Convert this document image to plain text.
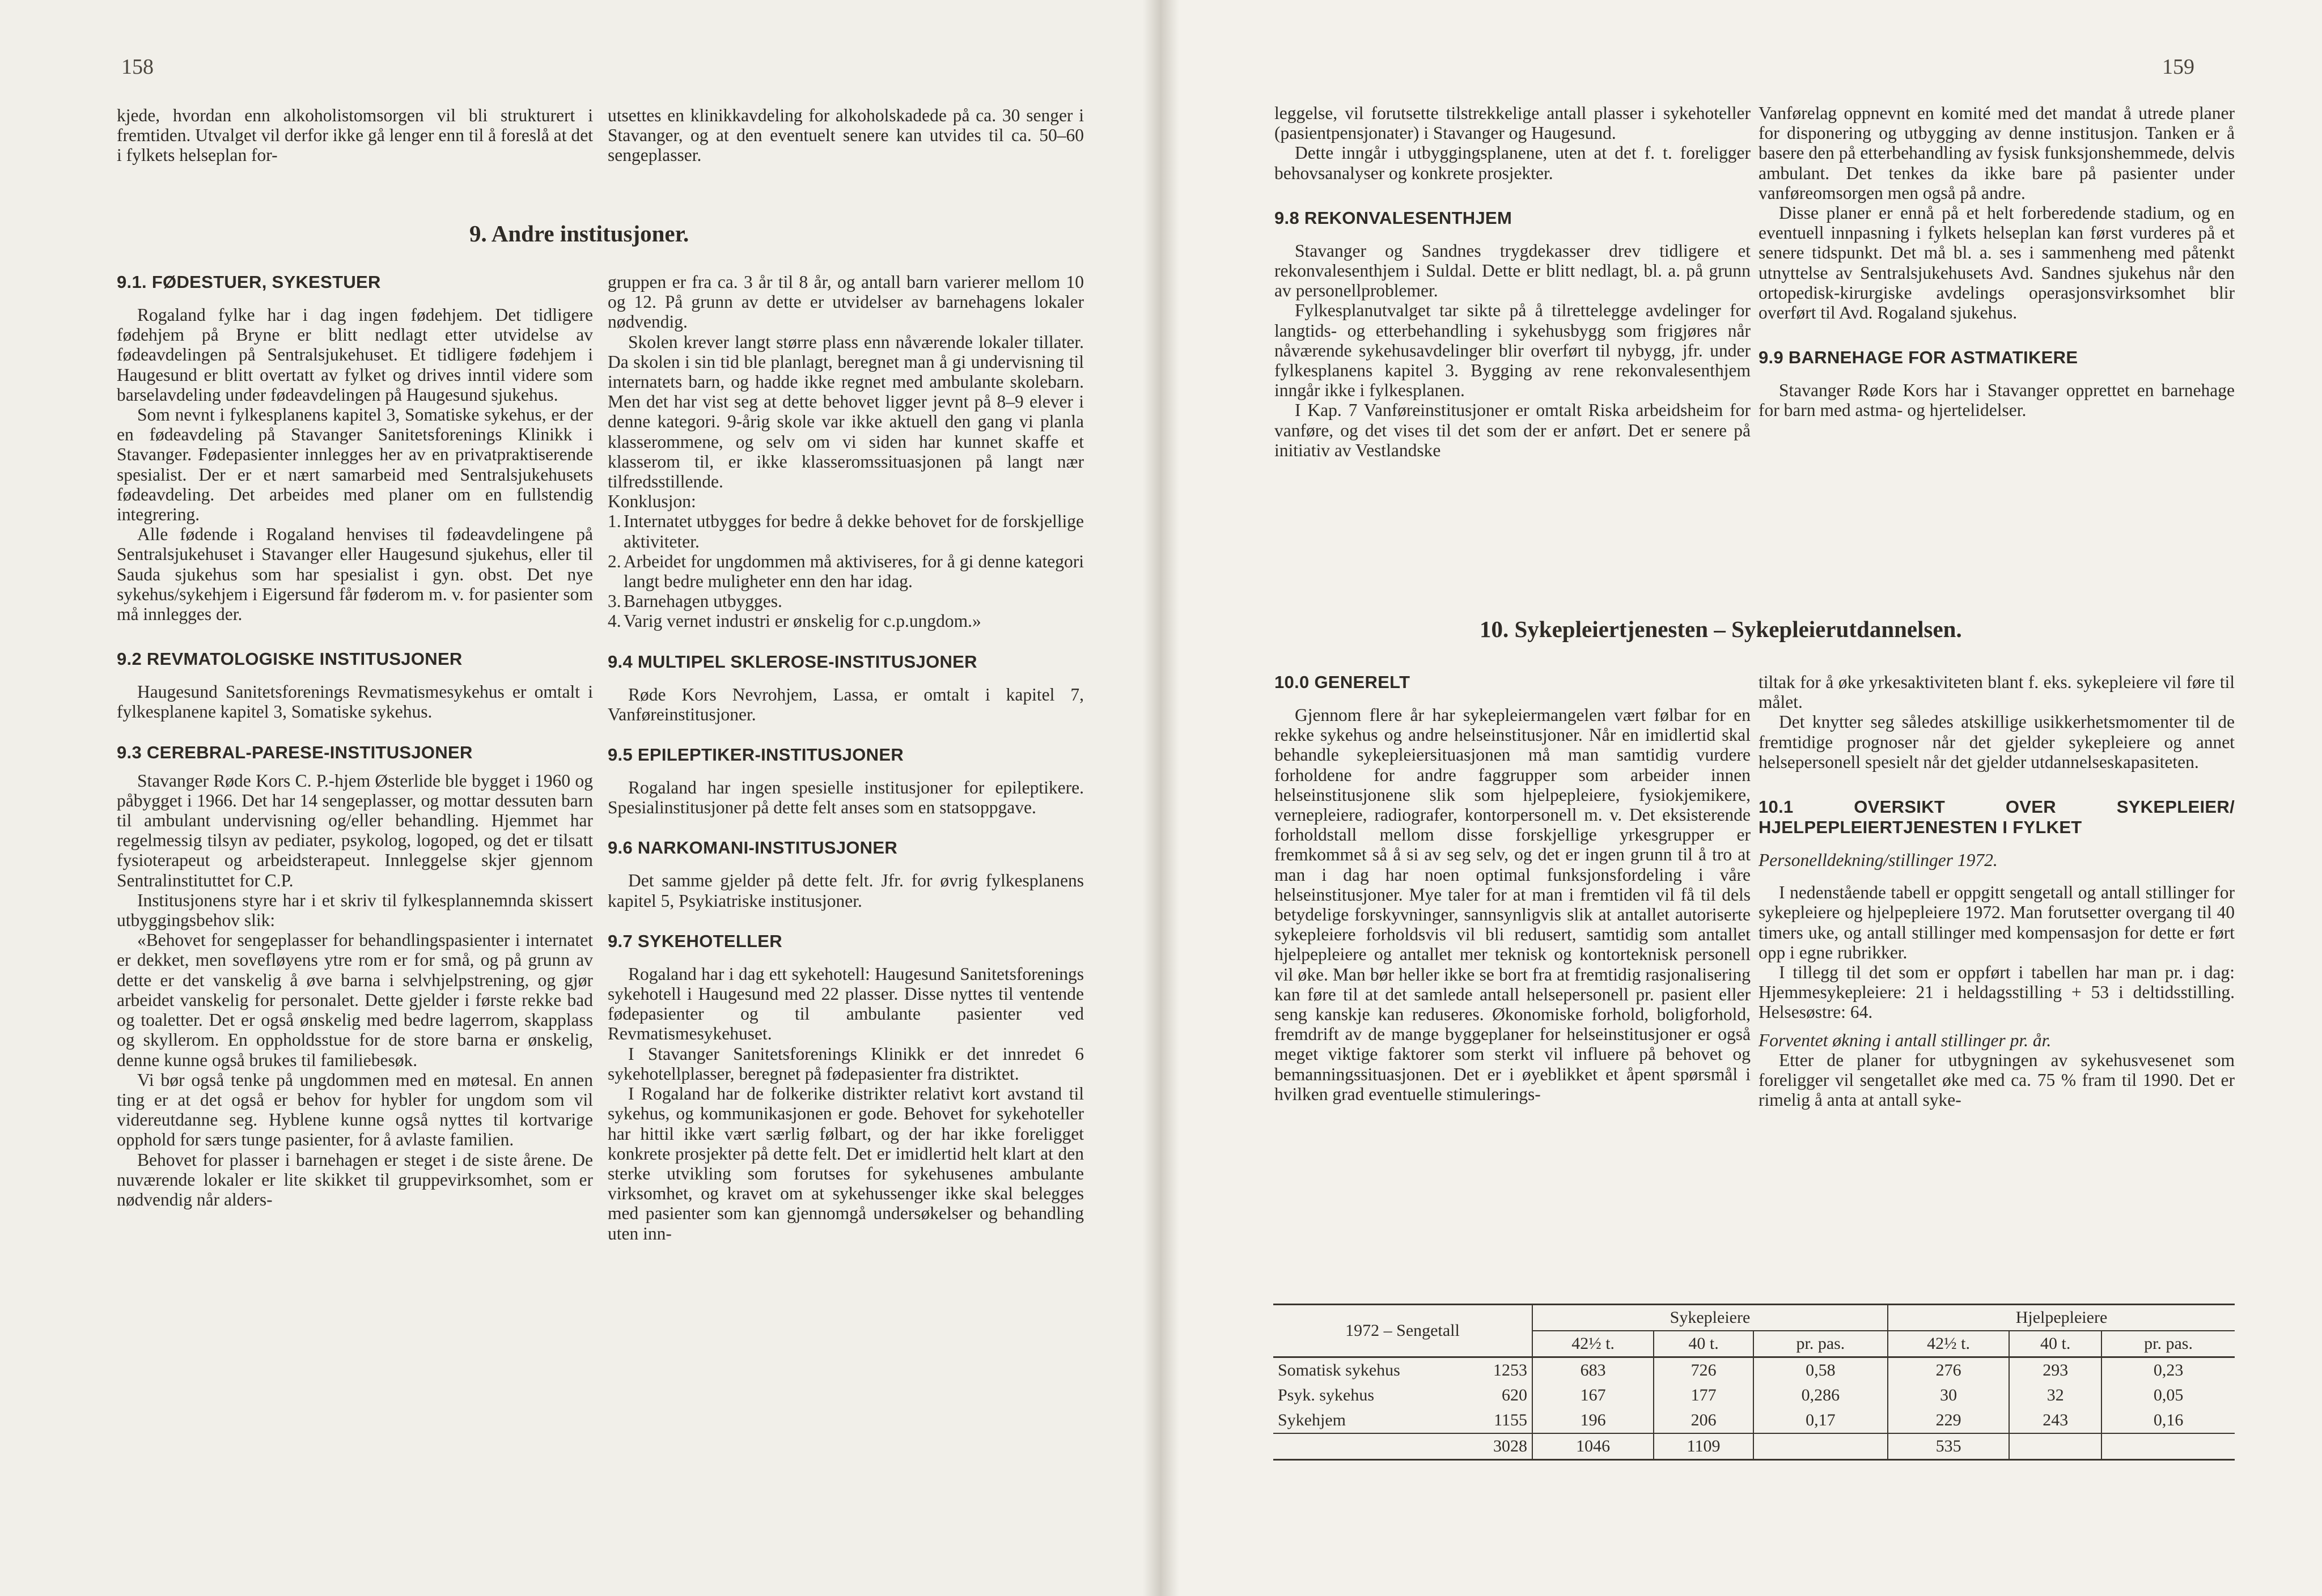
158

kjede, hvordan enn alkoholistomsorgen vil bli strukturert i fremtiden. Utvalget vil derfor ikke gå lenger enn til å foreslå at det i fylkets helseplan for-

9. Andre institusjoner.
9.1. FØDESTUER, SYKESTUER

Rogaland fylke har i dag ingen fødehjem. Det tidligere fødehjem på Bryne er blitt nedlagt etter utvidelse av fødeavdelingen på Sentralsjukehuset. Et tidligere fødehjem i Haugesund er blitt overtatt av fylket og drives inntil videre som barselavdeling under fødeavdelingen på Haugesund sjukehus.

Som nevnt i fylkesplanens kapitel 3, Somatiske sykehus, er der en fødeavdeling på Stavanger Sanitetsforenings Klinikk i Stavanger. Fødepasienter innlegges her av en privatpraktiserende spesialist. Der er et nært samarbeid med Sentralsjukehusets fødeavdeling. Det arbeides med planer om en fullstendig integrering.

Alle fødende i Rogaland henvises til fødeavdelingene på Sentralsjukehuset i Stavanger eller Haugesund sjukehus, eller til Sauda sjukehus som har spesialist i gyn. obst. Det nye sykehus/sykehjem i Eigersund får føderom m. v. for pasienter som må innlegges der.

9.2 REVMATOLOGISKE INSTITUSJONER

Haugesund Sanitetsforenings Revmatismesykehus er omtalt i fylkesplanene kapitel 3, Somatiske sykehus.

9.3 CEREBRAL-PARESE-INSTITUSJONER

Stavanger Røde Kors C. P.-hjem Østerlide ble bygget i 1960 og påbygget i 1966. Det har 14 sengeplasser, og mottar dessuten barn til ambulant undervisning og/eller behandling. Hjemmet har regelmessig tilsyn av pediater, psykolog, logoped, og det er tilsatt fysioterapeut og arbeidsterapeut. Innleggelse skjer gjennom Sentralinstituttet for C.P.

Institusjonens styre har i et skriv til fylkesplannemnda skissert utbyggingsbehov slik:

«Behovet for sengeplasser for behandlingspasienter i internatet er dekket, men sovefløyens ytre rom er for små, og på grunn av dette er det vanskelig å øve barna i selvhjelpstrening, og gjør arbeidet vanskelig for personalet. Dette gjelder i første rekke bad og toaletter. Det er også ønskelig med bedre lagerrom, skapplass og skyllerom. En oppholdsstue for de store barna er ønskelig, denne kunne også brukes til familiebesøk.

Vi bør også tenke på ungdommen med en møtesal. En annen ting er at det også er behov for hybler for ungdom som vil videreutdanne seg. Hyblene kunne også nyttes til kortvarige opphold for særs tunge pasienter, for å avlaste familien.

Behovet for plasser i barnehagen er steget i de siste årene. De nuværende lokaler er lite skikket til gruppevirksomhet, som er nødvendig når alders-

utsettes en klinikkavdeling for alkoholskadede på ca. 30 senger i Stavanger, og at den eventuelt senere kan utvides til ca. 50–60 sengeplasser.

gruppen er fra ca. 3 år til 8 år, og antall barn varierer mellom 10 og 12. På grunn av dette er utvidelser av barnehagens lokaler nødvendig.

Skolen krever langt større plass enn nåværende lokaler tillater. Da skolen i sin tid ble planlagt, beregnet man å gi undervisning til internatets barn, og hadde ikke regnet med ambulante skolebarn. Men det har vist seg at dette behovet ligger jevnt på 8–9 elever i denne kategori. 9-årig skole var ikke aktuell den gang vi planla klasserommene, og selv om vi siden har kunnet skaffe et klasserom til, er ikke klasseromssituasjonen på langt nær tilfredsstillende.

Konklusjon:

1. Internatet utbygges for bedre å dekke behovet for de forskjellige aktiviteter.
2. Arbeidet for ungdommen må aktiviseres, for å gi denne kategori langt bedre muligheter enn den har idag.
3. Barnehagen utbygges.
4. Varig vernet industri er ønskelig for c.p.ungdom.»
9.4 MULTIPEL SKLEROSE-INSTITUSJONER

Røde Kors Nevrohjem, Lassa, er omtalt i kapitel 7, Vanføreinstitusjoner.

9.5 EPILEPTIKER-INSTITUSJONER

Rogaland har ingen spesielle institusjoner for epileptikere. Spesialinstitusjoner på dette felt anses som en statsoppgave.

9.6 NARKOMANI-INSTITUSJONER

Det samme gjelder på dette felt. Jfr. for øvrig fylkesplanens kapitel 5, Psykiatriske institusjoner.

9.7 SYKEHOTELLER

Rogaland har i dag ett sykehotell: Haugesund Sanitetsforenings sykehotell i Haugesund med 22 plasser. Disse nyttes til ventende fødepasienter og til ambulante pasienter ved Revmatismesykehuset.

I Stavanger Sanitetsforenings Klinikk er det innredet 6 sykehotellplasser, beregnet på fødepasienter fra distriktet.

I Rogaland har de folkerike distrikter relativt kort avstand til sykehus, og kommunikasjonen er gode. Behovet for sykehoteller har hittil ikke vært særlig følbart, og der har ikke foreligget konkrete prosjekter på dette felt. Det er imidlertid helt klart at den sterke utvikling som forutses for sykehusenes ambulante virksomhet, og kravet om at sykehussenger ikke skal belegges med pasienter som kan gjennomgå undersøkelser og behandling uten inn-

159

leggelse, vil forutsette tilstrekkelige antall plasser i sykehoteller (pasientpensjonater) i Stavanger og Haugesund.

Dette inngår i utbyggingsplanene, uten at det f. t. foreligger behovsanalyser og konkrete prosjekter.

9.8 REKONVALESENTHJEM

Stavanger og Sandnes trygdekasser drev tidligere et rekonvalesenthjem i Suldal. Dette er blitt nedlagt, bl. a. på grunn av personellproblemer.

Fylkesplanutvalget tar sikte på å tilrettelegge avdelinger for langtids- og etterbehandling i sykehusbygg som frigjøres når nåværende sykehusavdelinger blir overført til nybygg, jfr. under fylkesplanens kapitel 3. Bygging av rene rekonvalesenthjem inngår ikke i fylkesplanen.

I Kap. 7 Vanføreinstitusjoner er omtalt Riska arbeidsheim for vanføre, og det vises til det som der er anført. Det er senere på initiativ av Vestlandske

Vanførelag oppnevnt en komité med det mandat å utrede planer for disponering og utbygging av denne institusjon. Tanken er å basere den på etterbehandling av fysisk funksjonshemmede, delvis ambulant. Det tenkes da ikke bare på pasienter under vanføreomsorgen men også på andre.

Disse planer er ennå på et helt forberedende stadium, og en eventuell innpasning i fylkets helseplan kan først vurderes på et senere tidspunkt. Det må bl. a. ses i sammenheng med påtenkt utnyttelse av Sentralsjukehusets Avd. Sandnes sjukehus når den ortopedisk-kirurgiske avdelings operasjonsvirksomhet blir overført til Avd. Rogaland sjukehus.

9.9 BARNEHAGE FOR ASTMATIKERE

Stavanger Røde Kors har i Stavanger opprettet en barnehage for barn med astma- og hjertelidelser.

10. Sykepleiertjenesten – Sykepleierutdannelsen.
10.0 GENERELT

Gjennom flere år har sykepleiermangelen vært følbar for en rekke sykehus og andre helseinstitusjoner. Når en imidlertid skal behandle sykepleiersituasjonen må man samtidig vurdere forholdene for andre faggrupper som arbeider innen helseinstitusjonene slik som hjelpepleiere, fysiokjemikere, vernepleiere, radiografer, kontorpersonell m. v. Det eksisterende forholdstall mellom disse forskjellige yrkesgrupper er fremkommet så å si av seg selv, og det er ingen grunn til å tro at man i dag har noen optimal funksjonsfordeling i våre helseinstitusjoner. Mye taler for at man i fremtiden vil få til dels betydelige forskyvninger, sannsynligvis slik at antallet autoriserte sykepleiere forholdsvis vil bli redusert, samtidig som antallet hjelpepleiere og antallet mer teknisk og kontorteknisk personell vil øke. Man bør heller ikke se bort fra at fremtidig rasjonalisering kan føre til at det samlede antall helsepersonell pr. pasient eller seng kanskje kan reduseres. Økonomiske forhold, boligforhold, fremdrift av de mange byggeplaner for helseinstitusjoner er også meget viktige faktorer som sterkt vil influere på behovet og bemanningssituasjonen. Det er i øyeblikket et åpent spørsmål i hvilken grad eventuelle stimulerings-

tiltak for å øke yrkesaktiviteten blant f. eks. sykepleiere vil føre til målet.

Det knytter seg således atskillige usikkerhetsmomenter til de fremtidige prognoser når det gjelder sykepleiere og annet helsepersonell spesielt når det gjelder utdannelseskapasiteten.

10.1 OVERSIKT OVER SYKEPLEIER/ HJELPEPLEIERTJENESTEN I FYLKET

Personelldekning/stillinger 1972.

I nedenstående tabell er oppgitt sengetall og antall stillinger for sykepleiere og hjelpepleiere 1972. Man forutsetter overgang til 40 timers uke, og antall stillinger med kompensasjon for dette er ført opp i egne rubrikker.

I tillegg til det som er oppført i tabellen har man pr. i dag: Hjemmesykepleiere: 21 i heldagsstilling + 53 i deltidsstilling. Helsesøstre: 64.

Forventet økning i antall stillinger pr. år.

Etter de planer for utbygningen av sykehusvesenet som foreligger vil sengetallet øke med ca. 75 % fram til 1990. Det er rimelig å anta at antall syke-

1972 – Sengetall	Sykepleiere			Hjelpepleiere		
	42½ t.	40 t.	pr. pas.	42½ t.	40 t.	pr. pas.
Somatisk sykehus 1253	683	726	0,58	276	293	0,23
Psyk. sykehus 620	167	177	0,286	30	32	0,05
Sykehjem 1155	196	206	0,17	229	243	0,16
3028	1046	1109		535		
